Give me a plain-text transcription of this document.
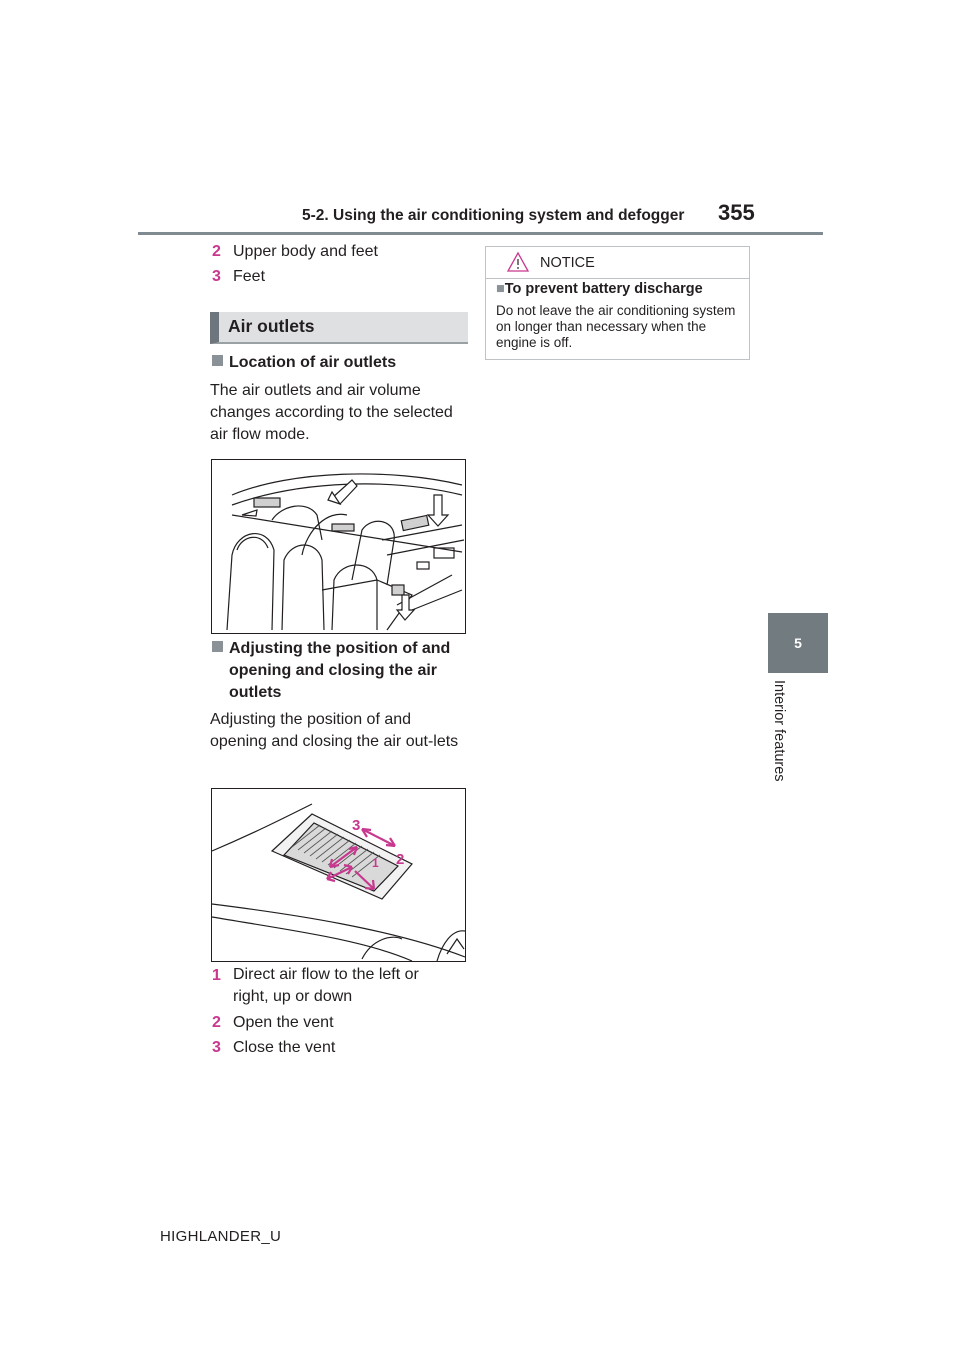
5-2. Using the air conditioning system and defogger 355
5
Interior features
2 Upper body and feet
3 Feet
Air outlets
Location of air outlets
The air outlets and air volume changes according to the selected air flow mode.
Adjusting the position of and opening and closing the air outlets
Adjusting the position of and opening and closing the air out-lets
3
2
1
1 Direct air flow to the left or right, up or down
2 Open the vent
3 Close the vent
NOTICE
■To prevent battery discharge
Do not leave the air conditioning system on longer than necessary when the engine is off.
HIGHLANDER_U
